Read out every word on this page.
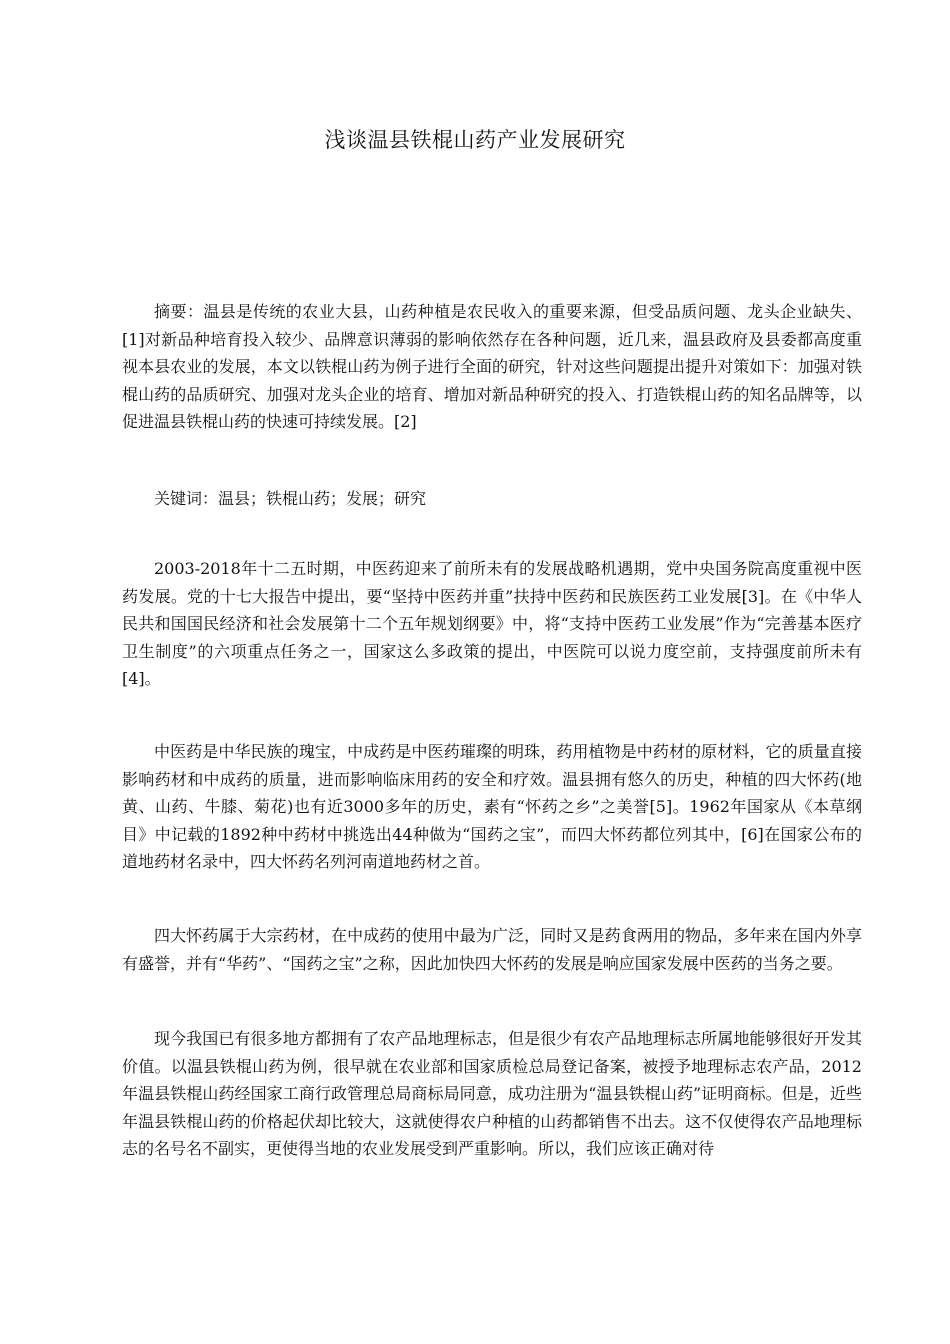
浅谈温县铁棍山药产业发展研究

摘要：温县是传统的农业大县，山药种植是农民收入的重要来源，但受品质问题、龙头企业缺失、[1]对新品种培育投入较少、品牌意识薄弱的影响依然存在各种问题，近几来，温县政府及县委都高度重视本县农业的发展，本文以铁棍山药为例子进行全面的研究，针对这些问题提出提升对策如下：加强对铁棍山药的品质研究、加强对龙头企业的培育、增加对新品种研究的投入、打造铁棍山药的知名品牌等，以促进温县铁棍山药的快速可持续发展。[2]

关键词：温县；铁棍山药；发展；研究

2003-2018年十二五时期，中医药迎来了前所未有的发展战略机遇期，党中央国务院高度重视中医药发展。党的十七大报告中提出，要“坚持中医药并重”扶持中医药和民族医药工业发展[3]。在《中华人民共和国国民经济和社会发展第十二个五年规划纲要》中，将“支持中医药工业发展”作为“完善基本医疗卫生制度”的六项重点任务之一，国家这么多政策的提出，中医院可以说力度空前，支持强度前所未有[4]。

中医药是中华民族的瑰宝，中成药是中医药璀璨的明珠，药用植物是中药材的原材料，它的质量直接影响药材和中成药的质量，进而影响临床用药的安全和疗效。温县拥有悠久的历史，种植的四大怀药(地黄、山药、牛膝、菊花)也有近3000多年的历史，素有“怀药之乡”之美誉[5]。1962年国家从《本草纲目》中记载的1892种中药材中挑选出44种做为“国药之宝”，而四大怀药都位列其中，[6]在国家公布的道地药材名录中，四大怀药名列河南道地药材之首。

四大怀药属于大宗药材，在中成药的使用中最为广泛，同时又是药食两用的物品，多年来在国内外享有盛誉，并有“华药”、“国药之宝”之称，因此加快四大怀药的发展是响应国家发展中医药的当务之要。

现今我国已有很多地方都拥有了农产品地理标志，但是很少有农产品地理标志所属地能够很好开发其价值。以温县铁棍山药为例，很早就在农业部和国家质检总局登记备案，被授予地理标志农产品，2012年温县铁棍山药经国家工商行政管理总局商标局同意，成功注册为“温县铁棍山药”证明商标。但是，近些年温县铁棍山药的价格起伏却比较大，这就使得农户种植的山药都销售不出去。这不仅使得农产品地理标志的名号名不副实，更使得当地的农业发展受到严重影响。所以，我们应该正确对待
